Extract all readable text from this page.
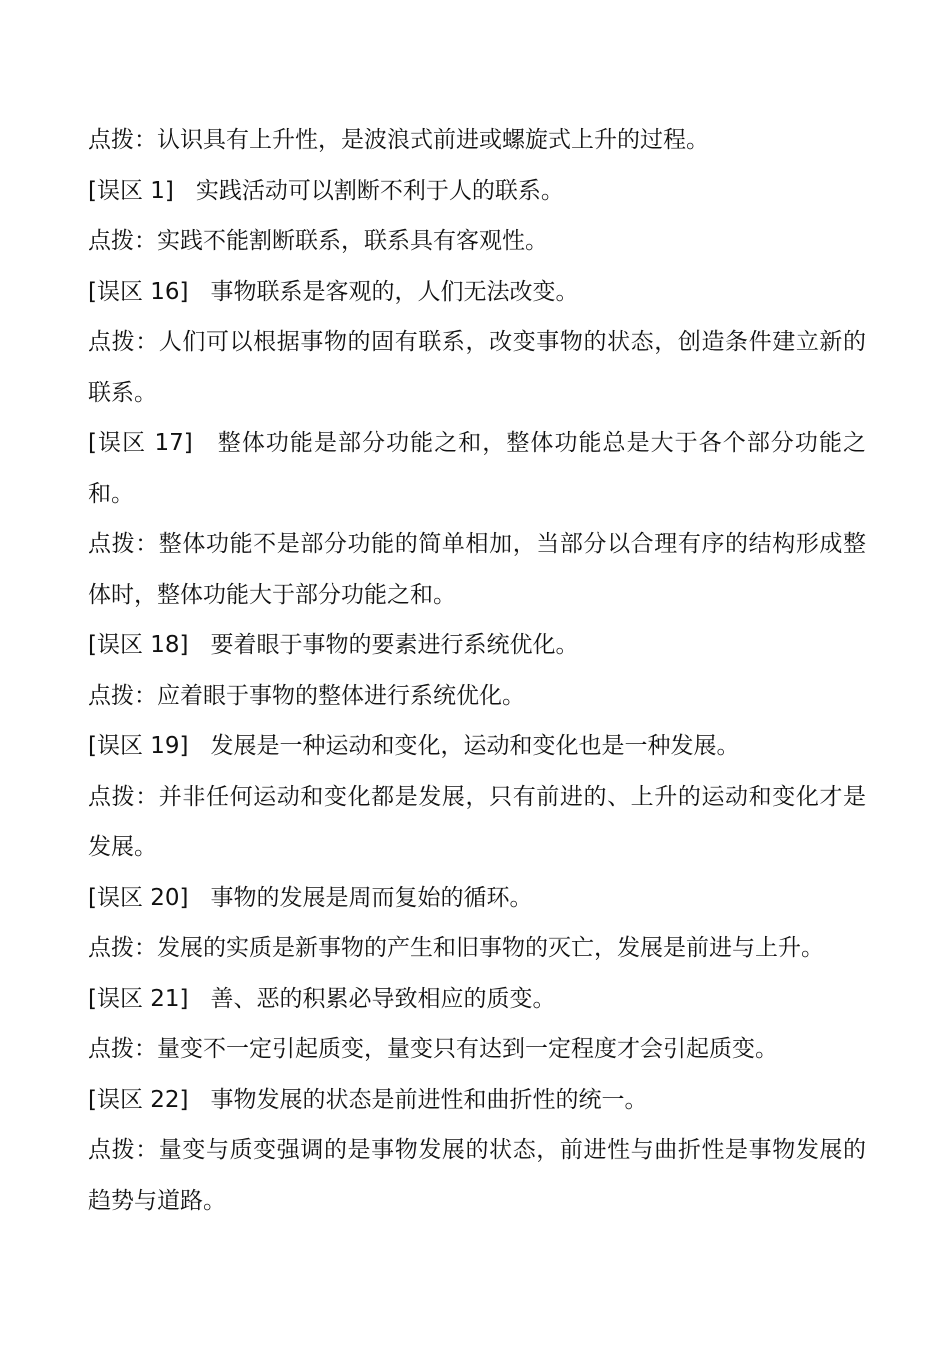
点拨：认识具有上升性，是波浪式前进或螺旋式上升的过程。

[误区 1] 实践活动可以割断不利于人的联系。

点拨：实践不能割断联系，联系具有客观性。

[误区 16] 事物联系是客观的，人们无法改变。

点拨：人们可以根据事物的固有联系，改变事物的状态，创造条件建立新的联系。

[误区 17] 整体功能是部分功能之和，整体功能总是大于各个部分功能之和。

点拨：整体功能不是部分功能的简单相加，当部分以合理有序的结构形成整体时，整体功能大于部分功能之和。

[误区 18] 要着眼于事物的要素进行系统优化。

点拨：应着眼于事物的整体进行系统优化。

[误区 19] 发展是一种运动和变化，运动和变化也是一种发展。

点拨：并非任何运动和变化都是发展，只有前进的、上升的运动和变化才是发展。

[误区 20] 事物的发展是周而复始的循环。

点拨：发展的实质是新事物的产生和旧事物的灭亡，发展是前进与上升。

[误区 21] 善、恶的积累必导致相应的质变。

点拨：量变不一定引起质变，量变只有达到一定程度才会引起质变。

[误区 22] 事物发展的状态是前进性和曲折性的统一。

点拨：量变与质变强调的是事物发展的状态，前进性与曲折性是事物发展的趋势与道路。
